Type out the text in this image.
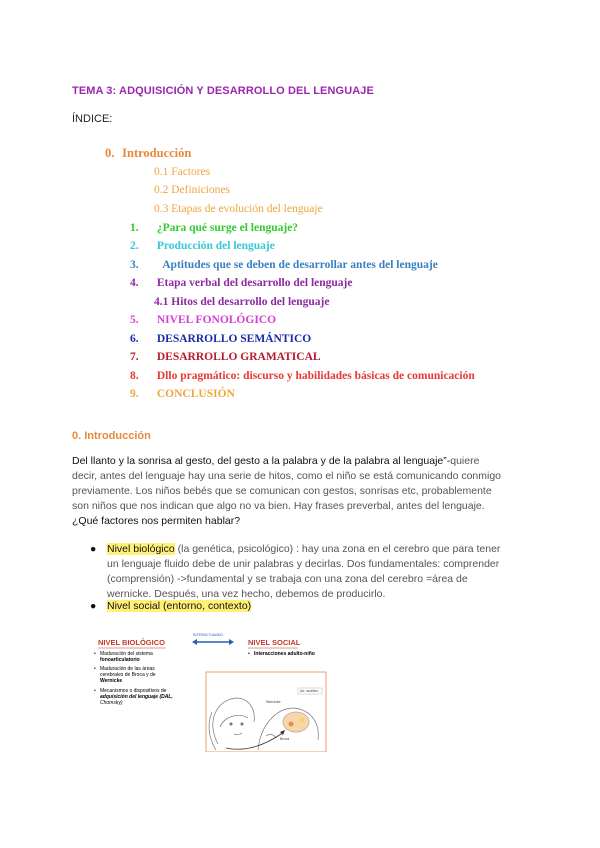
TEMA 3: ADQUISICIÓN Y DESARROLLO DEL LENGUAJE
ÍNDICE:
0. Introducción
0.1 Factores
0.2 Definiciones
0.3 Etapas de evolución del lenguaje
1. ¿Para qué surge el lenguaje?
2. Producción del lenguaje
3. Aptitudes que se deben de desarrollar antes del lenguaje
4. Etapa verbal del desarrollo del lenguaje
4.1 Hitos del desarrollo del lenguaje
5. NIVEL FONOLÓGICO
6. DESARROLLO SEMÁNTICO
7. DESARROLLO GRAMATICAL
8. Dllo pragmático: discurso y habilidades básicas de comunicación
9. CONCLUSIÓN
0. Introducción
Del llanto y la sonrisa al gesto, del gesto a la palabra y de la palabra al lenguaje”-quiere
decir, antes del lenguaje hay una serie de hitos, como el niño se está comunicando conmigo
previamente. Los niños bebés que se comunican con gestos, sonrisas etc, probablemente
son niños que nos indican que algo no va bien. Hay frases preverbal, antes del lenguaje.
¿Qué factores nos permiten hablar?
● Nivel biológico (la genética, psicológico) : hay una zona en el cerebro que para tener
un lenguaje fluido debe de unir palabras y decirlas. Dos fundamentales: comprender
(comprensión) ->fundamental y se trabaja con una zona del cerebro =área de
wernicke. Después, una vez hecho, debemos de producirlo.
● Nivel social (entorno, contexto)
NIVEL BIOLÓGICO	NIVEL SOCIAL
INTERACTUANDO
• Maduración del sistema
fonoarticulatorio
• Maduración de las áreas
cerebrales de Broca y de
Wernicke
• Mecanismos o dispositivos de
adquisición del lenguaje (DAL,
Chomsky)
• Interacciones adulto-niño
Wernicke
Broca
Ad. auditivo
